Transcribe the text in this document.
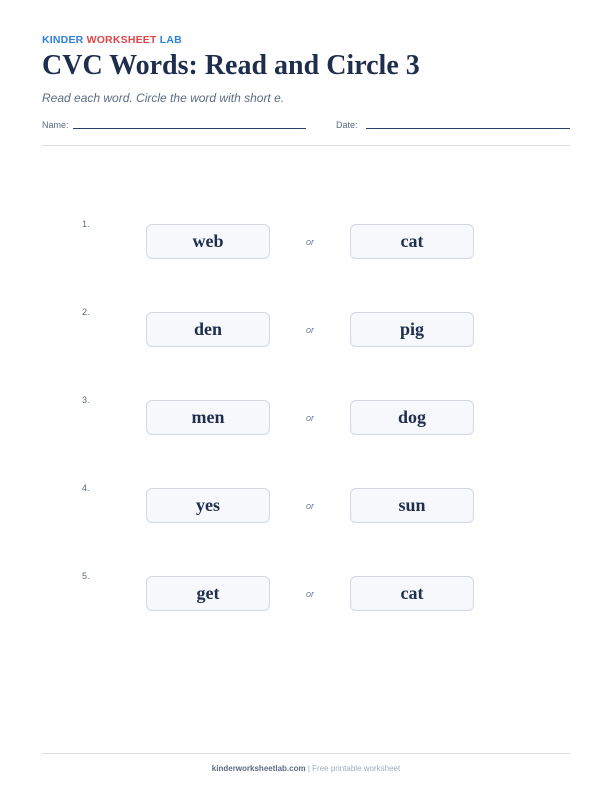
KINDER WORKSHEET LAB
CVC Words: Read and Circle 3
Read each word. Circle the word with short e.
Name:	Date:
1.
web	or	cat
2.
den	or	pig
3.
men	or	dog
4.
yes	or	sun
5.
get	or	cat
kinderworksheetlab.com | Free printable worksheet
